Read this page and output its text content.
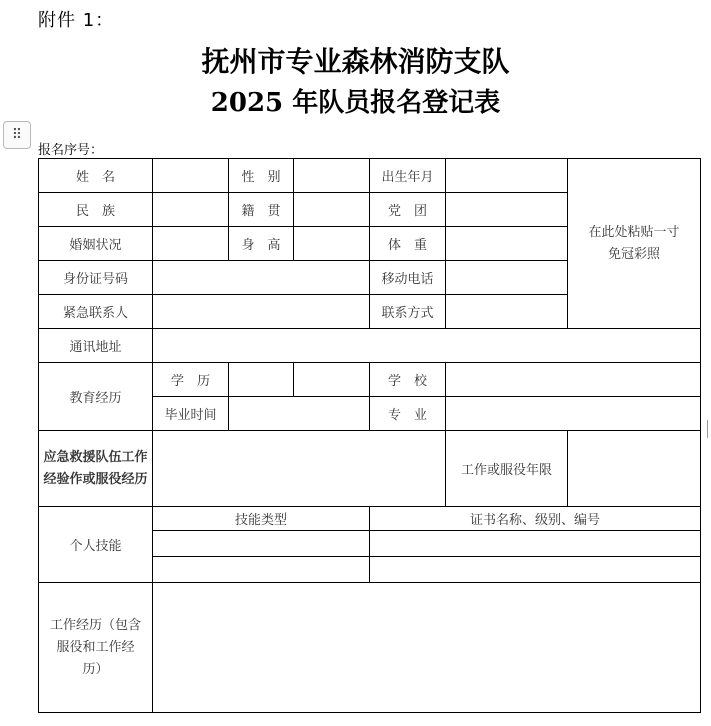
附件 1：
抚州市专业森林消防支队
2025 年队员报名登记表
⠿
报名序号：
姓　名		性　别		出生年月		在此处粘贴一寸免冠彩照
民　族		籍　贯		党　团		
婚姻状况		身　高		体　重		
身份证号码				移动电话		
紧急联系人				联系方式		
通讯地址						
教育经历	学　历			学　校		
	毕业时间			专　业		
应急救援队伍工作经验作或服役经历					工作或服役年限	
个人技能	技能类型			证书名称、级别、编号		

工作经历（包含服役和工作经历）						
